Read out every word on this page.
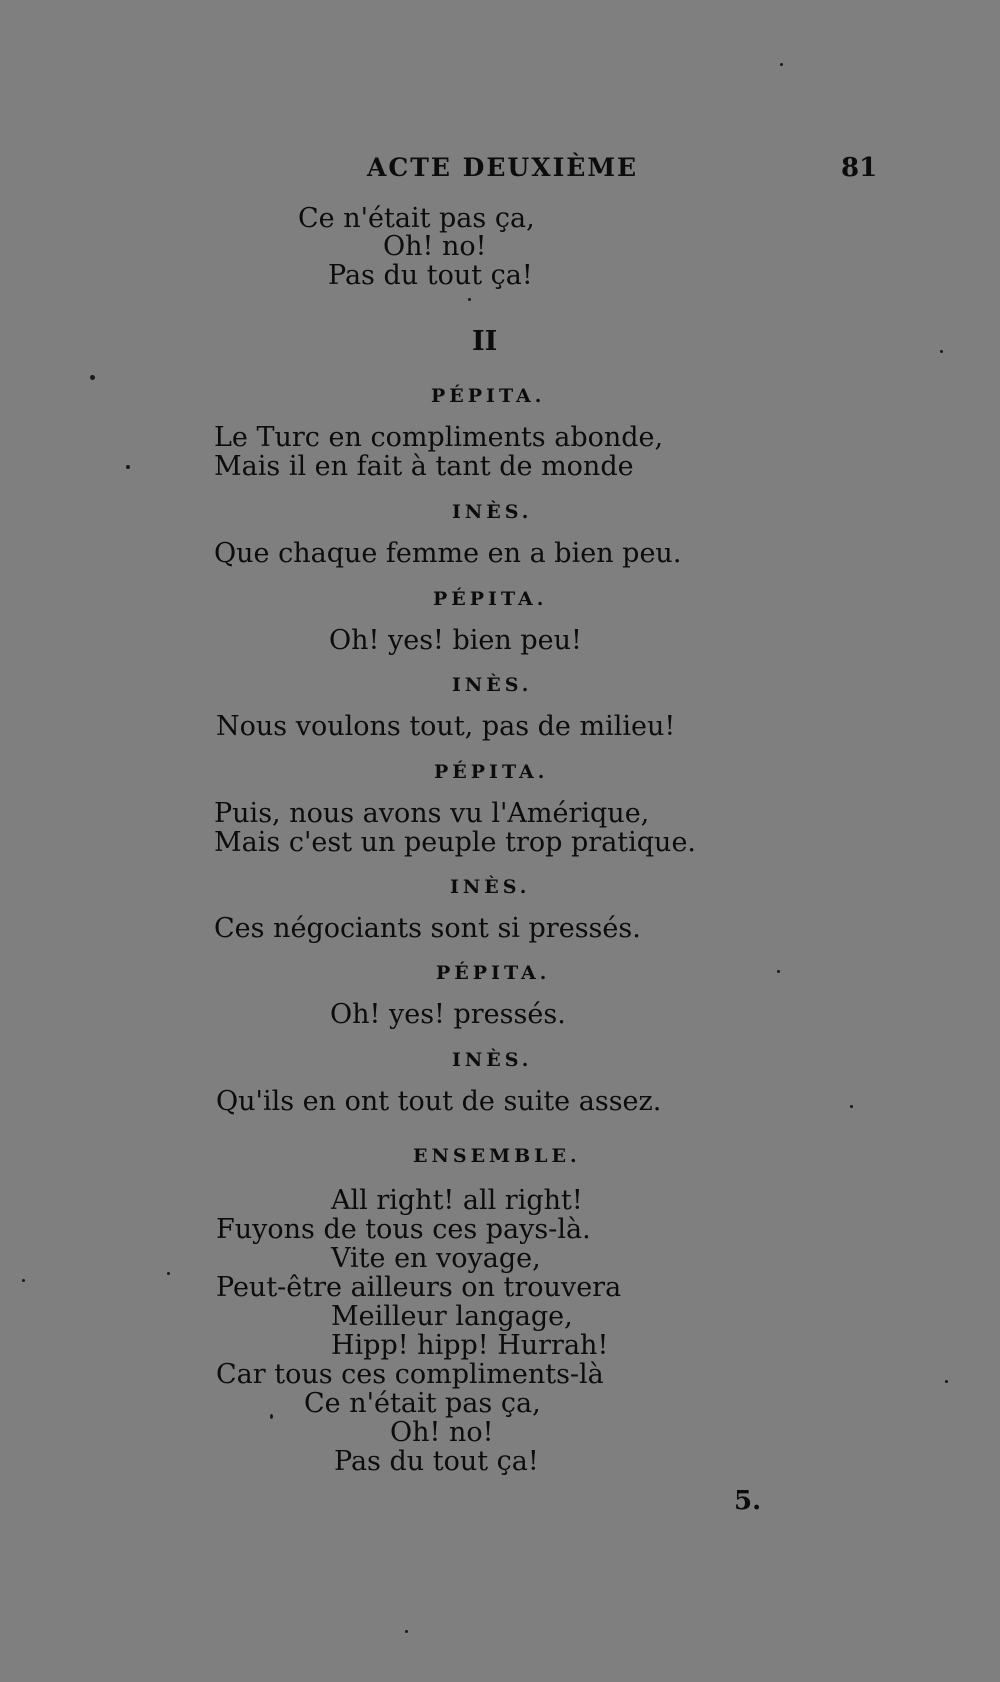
ACTE DEUXIÈME	81
Ce n'était pas ça,
Oh! no!
Pas du tout ça!
II
PÉPITA.
Le Turc en compliments abonde,
Mais il en fait à tant de monde
INÈS.
Que chaque femme en a bien peu.
PÉPITA.
Oh! yes! bien peu!
INÈS.
Nous voulons tout, pas de milieu!
PÉPITA.
Puis, nous avons vu l'Amérique,
Mais c'est un peuple trop pratique.
INÈS.
Ces négociants sont si pressés.
PÉPITA.
Oh! yes! pressés.
INÈS.
Qu'ils en ont tout de suite assez.
ENSEMBLE.
All right! all right!
Fuyons de tous ces pays-là.
Vite en voyage,
Peut-être ailleurs on trouvera
Meilleur langage,
Hipp! hipp! Hurrah!
Car tous ces compliments-là
Ce n'était pas ça,
Oh! no!
Pas du tout ça!
5.
